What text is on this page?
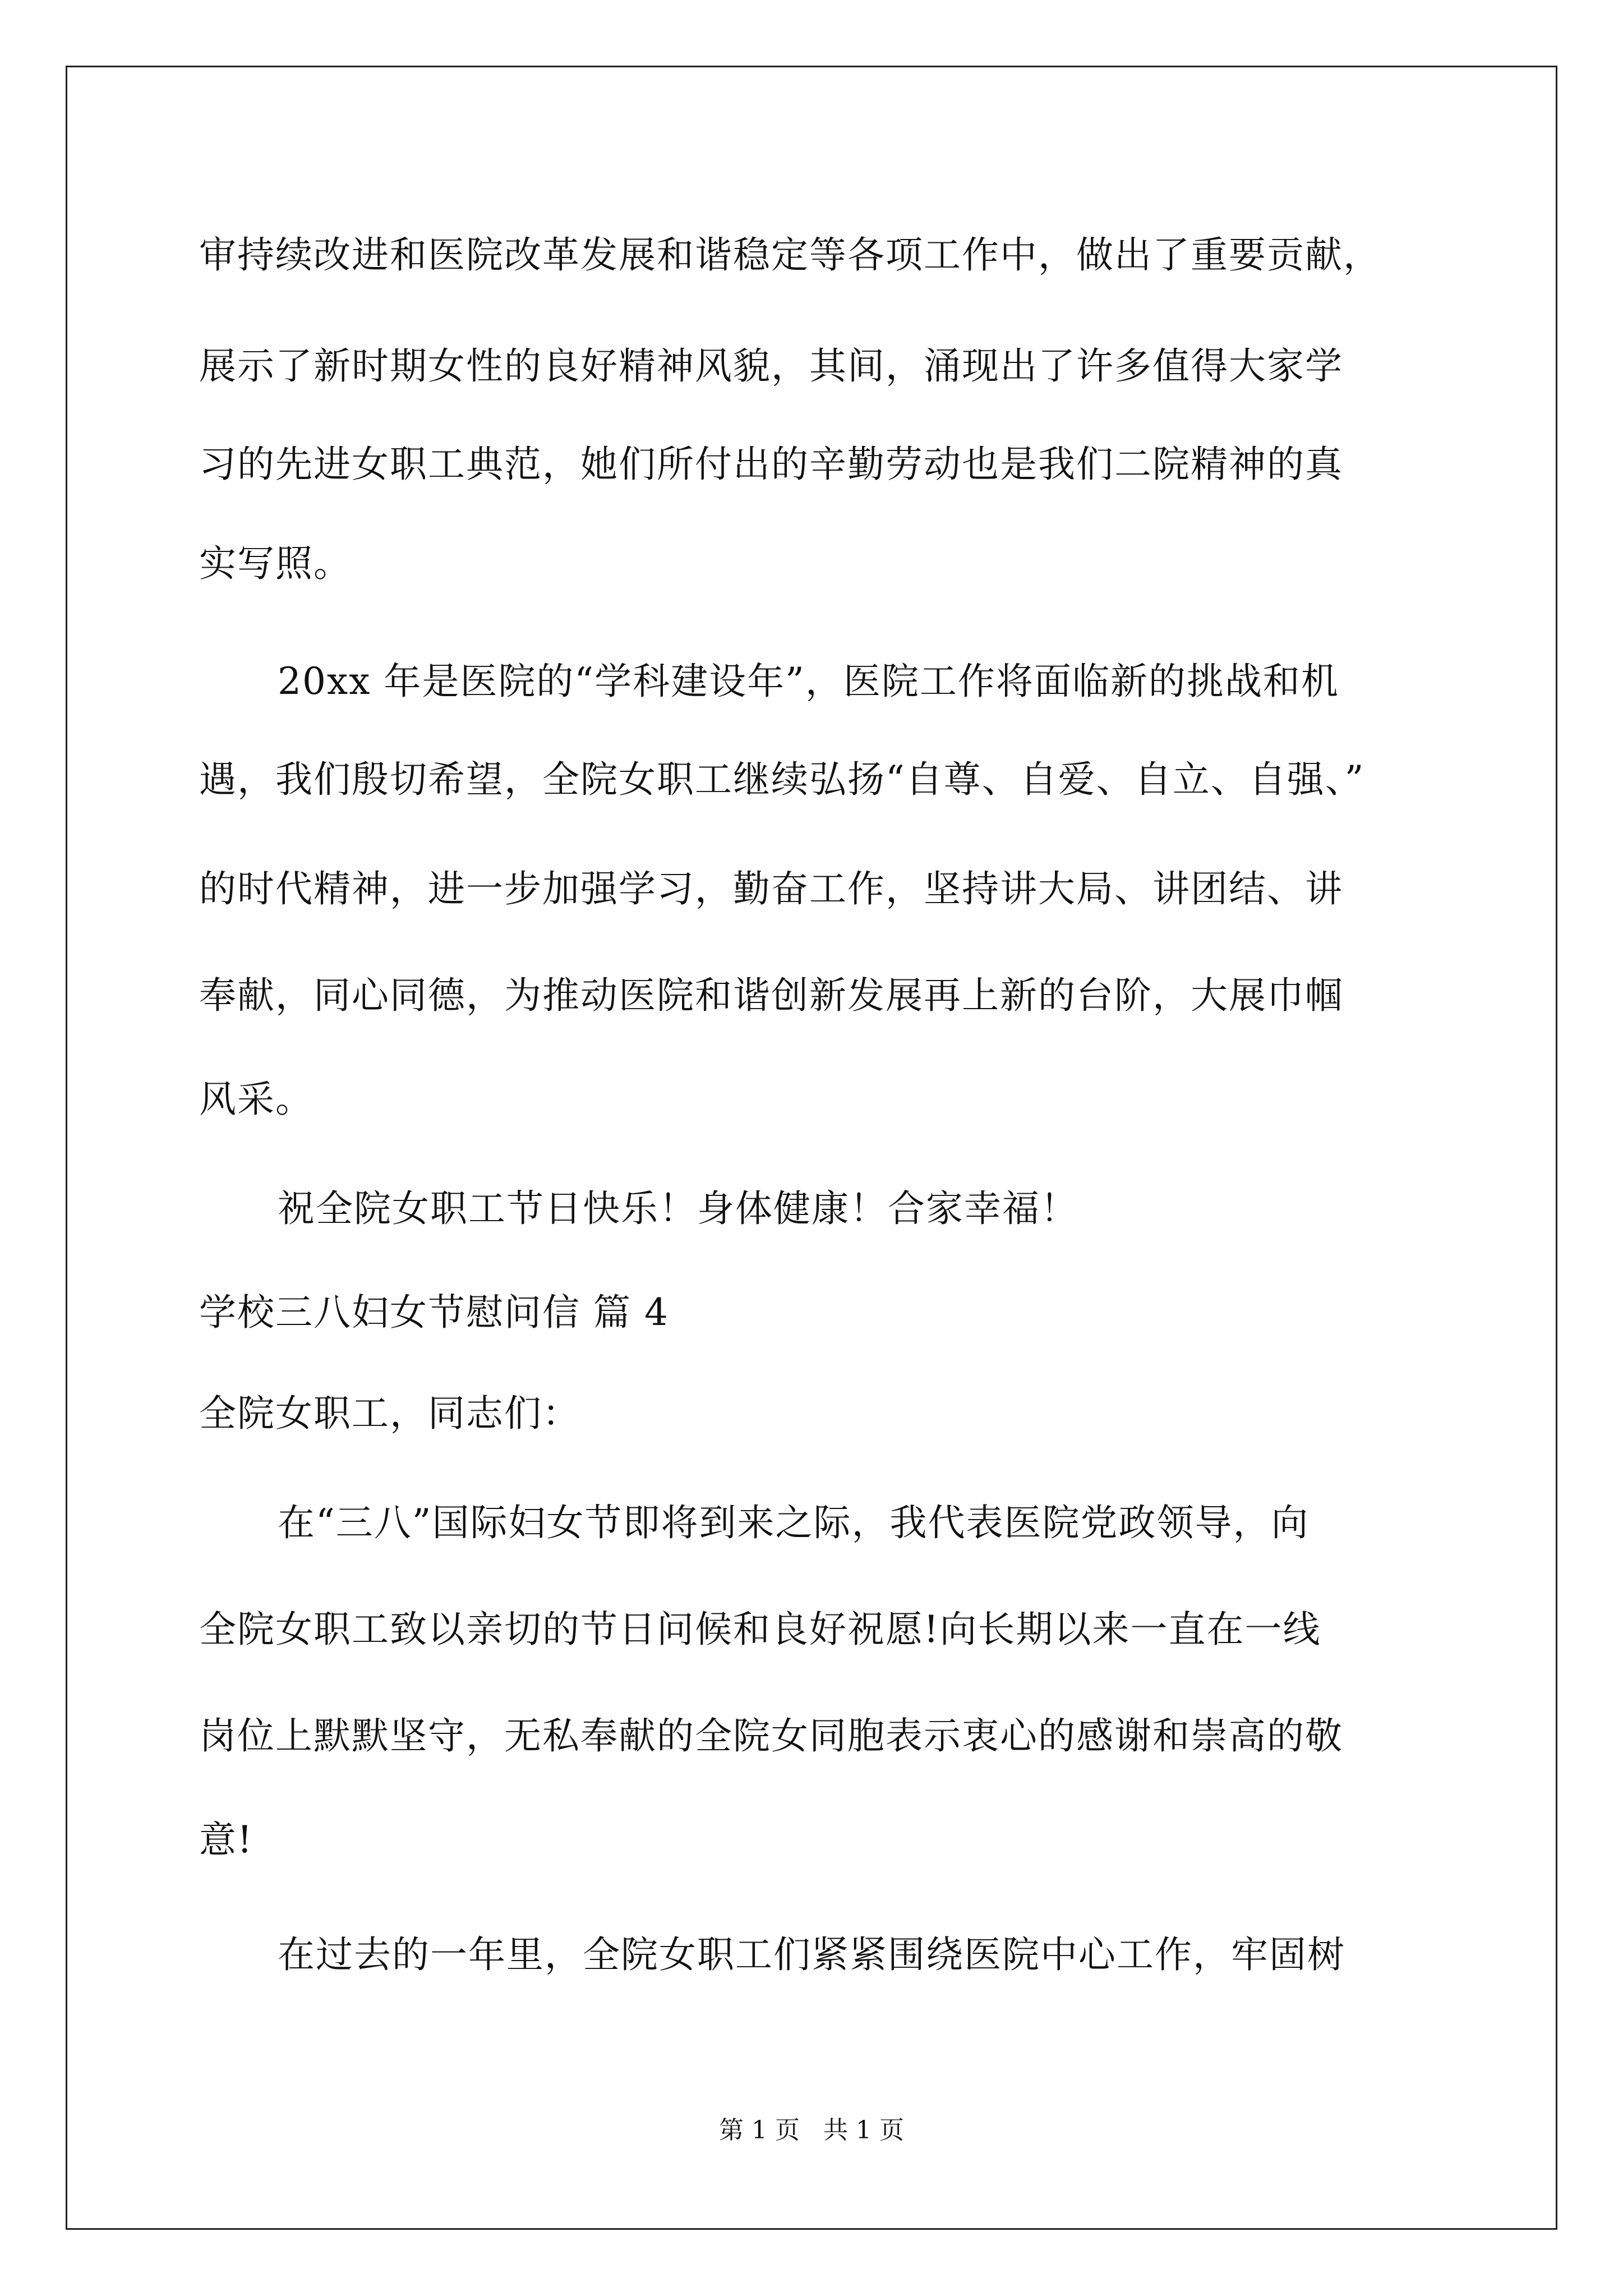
审持续改进和医院改革发展和谐稳定等各项工作中，做出了重要贡献，
展示了新时期女性的良好精神风貌，其间，涌现出了许多值得大家学
习的先进女职工典范，她们所付出的辛勤劳动也是我们二院精神的真
实写照。
20xx 年是医院的“学科建设年”，医院工作将面临新的挑战和机
遇，我们殷切希望，全院女职工继续弘扬“自尊、自爱、自立、自强、”
的时代精神，进一步加强学习，勤奋工作，坚持讲大局、讲团结、讲
奉献，同心同德，为推动医院和谐创新发展再上新的台阶，大展巾帼
风采。
祝全院女职工节日快乐！身体健康！合家幸福！
学校三八妇女节慰问信 篇 4
全院女职工，同志们：
在“三八”国际妇女节即将到来之际，我代表医院党政领导，向
全院女职工致以亲切的节日问候和良好祝愿!向长期以来一直在一线
岗位上默默坚守，无私奉献的全院女同胞表示衷心的感谢和崇高的敬
意!
在过去的一年里，全院女职工们紧紧围绕医院中心工作，牢固树
第 1 页   共 1 页
